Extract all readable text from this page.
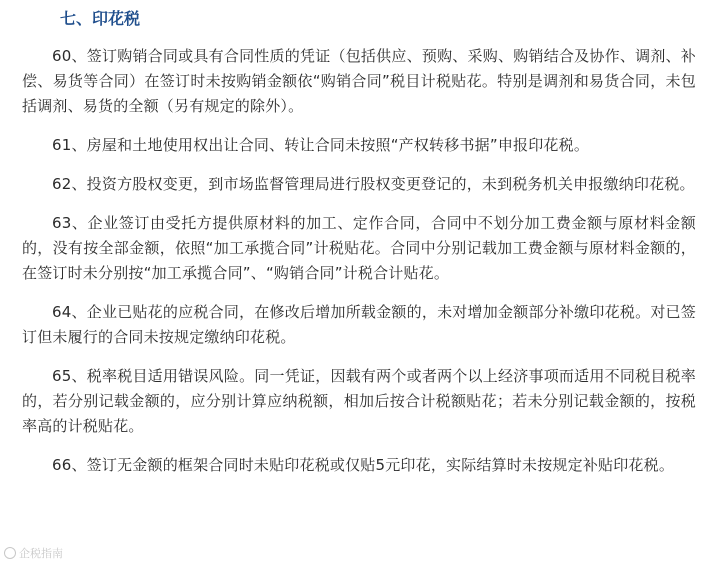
七、印花税

60、签订购销合同或具有合同性质的凭证（包括供应、预购、采购、购销结合及协作、调剂、补偿、易货等合同）在签订时未按购销金额依“购销合同”税目计税贴花。特别是调剂和易货合同，未包括调剂、易货的全额（另有规定的除外）。

61、房屋和土地使用权出让合同、转让合同未按照“产权转移书据”申报印花税。

62、投资方股权变更，到市场监督管理局进行股权变更登记的，未到税务机关申报缴纳印花税。

63、企业签订由受托方提供原材料的加工、定作合同，合同中不划分加工费金额与原材料金额的，没有按全部金额，依照“加工承揽合同”计税贴花。合同中分别记载加工费金额与原材料金额的，在签订时未分别按“加工承揽合同”、“购销合同”计税合计贴花。

64、企业已贴花的应税合同，在修改后增加所载金额的，未对增加金额部分补缴印花税。对已签订但未履行的合同未按规定缴纳印花税。

65、税率税目适用错误风险。同一凭证，因载有两个或者两个以上经济事项而适用不同税目税率的，若分别记载金额的，应分别计算应纳税额，相加后按合计税额贴花；若未分别记载金额的，按税率高的计税贴花。

66、签订无金额的框架合同时未贴印花税或仅贴5元印花，实际结算时未按规定补贴印花税。

企税指南
